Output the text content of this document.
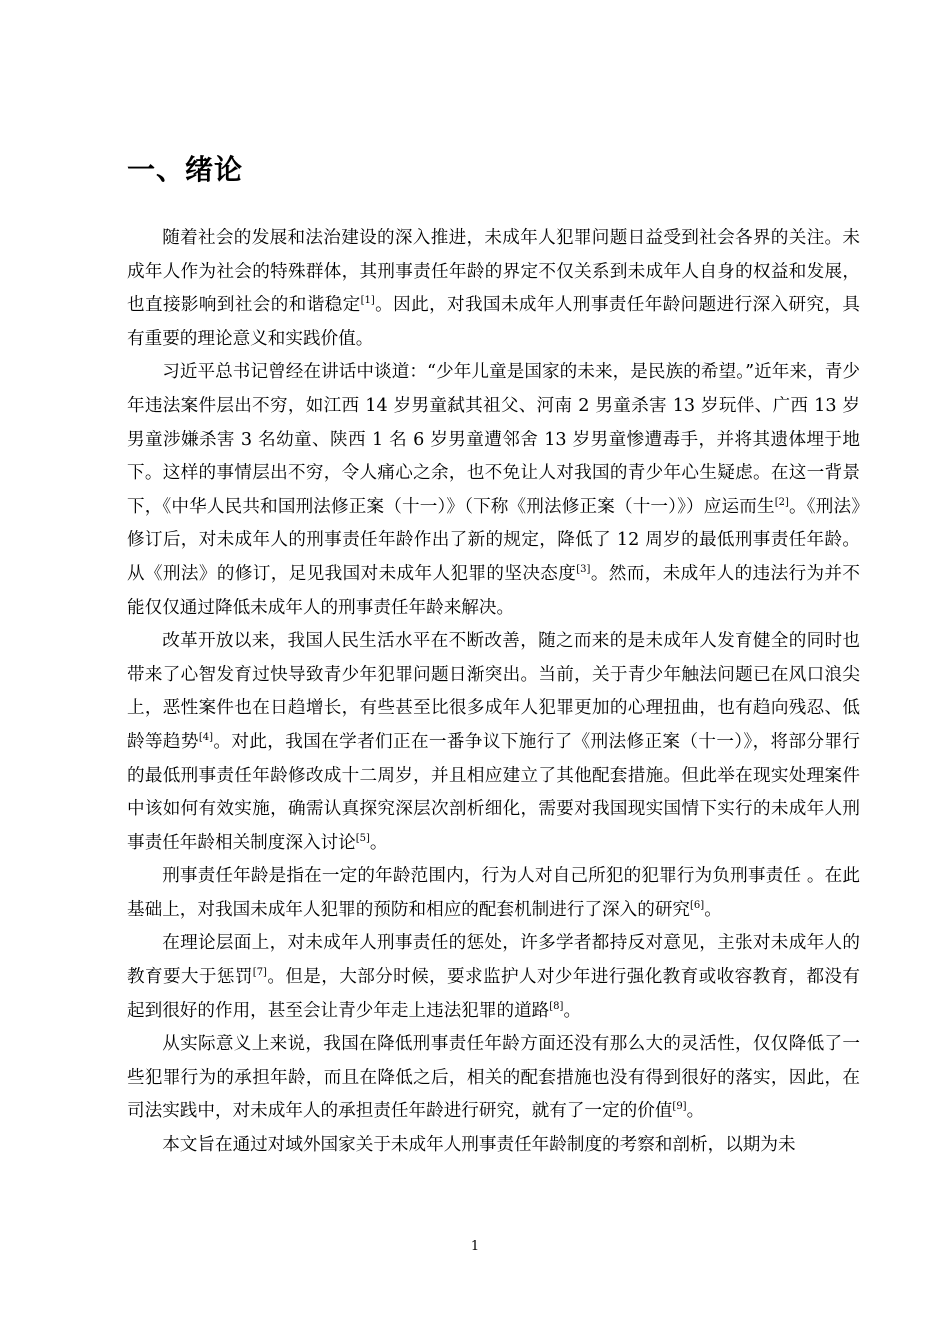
一、绪论

随着社会的发展和法治建设的深入推进，未成年人犯罪问题日益受到社会各界的关注。未成年人作为社会的特殊群体，其刑事责任年龄的界定不仅关系到未成年人自身的权益和发展，也直接影响到社会的和谐稳定[1]。因此，对我国未成年人刑事责任年龄问题进行深入研究，具有重要的理论意义和实践价值。

习近平总书记曾经在讲话中谈道：“少年儿童是国家的未来，是民族的希望。”近年来，青少年违法案件层出不穷，如江西 14 岁男童弑其祖父、河南 2 男童杀害 13 岁玩伴、广西 13 岁男童涉嫌杀害 3 名幼童、陕西 1 名 6 岁男童遭邻舍 13 岁男童惨遭毒手，并将其遗体埋于地下。这样的事情层出不穷，令人痛心之余，也不免让人对我国的青少年心生疑虑。在这一背景下，《中华人民共和国刑法修正案（十一）》（下称《刑法修正案（十一）》）应运而生[2]。《刑法》修订后，对未成年人的刑事责任年龄作出了新的规定，降低了 12 周岁的最低刑事责任年龄。从《刑法》的修订，足见我国对未成年人犯罪的坚决态度[3]。然而，未成年人的违法行为并不能仅仅通过降低未成年人的刑事责任年龄来解决。

改革开放以来，我国人民生活水平在不断改善，随之而来的是未成年人发育健全的同时也带来了心智发育过快导致青少年犯罪问题日渐突出。当前，关于青少年触法问题已在风口浪尖上，恶性案件也在日趋增长，有些甚至比很多成年人犯罪更加的心理扭曲，也有趋向残忍、低龄等趋势[4]。对此，我国在学者们正在一番争议下施行了《刑法修正案（十一）》，将部分罪行的最低刑事责任年龄修改成十二周岁，并且相应建立了其他配套措施。但此举在现实处理案件中该如何有效实施，确需认真探究深层次剖析细化，需要对我国现实国情下实行的未成年人刑事责任年龄相关制度深入讨论[5]。

刑事责任年龄是指在一定的年龄范围内，行为人对自己所犯的犯罪行为负刑事责任 。在此基础上，对我国未成年人犯罪的预防和相应的配套机制进行了深入的研究[6]。

在理论层面上，对未成年人刑事责任的惩处，许多学者都持反对意见，主张对未成年人的教育要大于惩罚[7]。但是，大部分时候，要求监护人对少年进行强化教育或收容教育，都没有起到很好的作用，甚至会让青少年走上违法犯罪的道路[8]。

从实际意义上来说，我国在降低刑事责任年龄方面还没有那么大的灵活性，仅仅降低了一些犯罪行为的承担年龄，而且在降低之后，相关的配套措施也没有得到很好的落实，因此，在司法实践中，对未成年人的承担责任年龄进行研究，就有了一定的价值[9]。

本文旨在通过对域外国家关于未成年人刑事责任年龄制度的考察和剖析，以期为未

1
